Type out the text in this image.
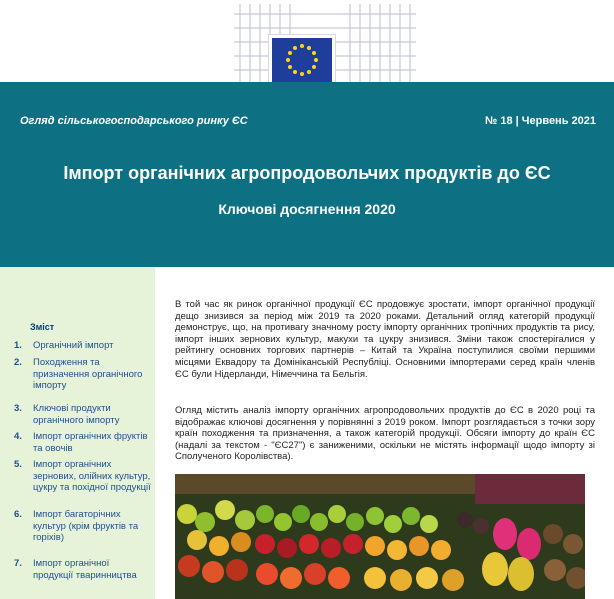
Огляд сільськогосподарського ринку ЄС	№ 18 | Червень 2021
Імпорт органічних агропродовольчих продуктів до ЄС
Ключові досягнення 2020
Зміст
1. Органічний імпорт
2. Походження та призначення органічного імпорту
3. Ключові продукти органічного імпорту
4. Імпорт органічних фруктів та овочів
5. Імпорт органічних зернових, олійних культур, цукру та похідної продукції
6. Імпорт багаторічних культур (крім фруктів та горіхів)
7. Імпорт органічної продукції тваринництва
В той час як ринок органічної продукції ЄС продовжує зростати, імпорт органічної продукції дещо знизився за період між 2019 та 2020 роками. Детальний огляд категорій продукції демонструє, що, на противагу значному росту імпорту органічних тропічних продуктів та рису, імпорт інших зернових культур, макухи та цукру знизився. Зміни також спостерігалися у рейтингу основних торгових партнерів – Китай та Україна поступилися своїми першими місцями Еквадору та Домініканській Республіці. Основними імпортерами серед країн членів ЄС були Нідерланди, Німеччина та Бельгія.
Огляд містить аналіз імпорту органічних агропродовольчих продуктів до ЄС в 2020 році та відображає ключові досягнення у порівнянні з 2019 роком. Імпорт розглядається з точки зору країн походження та призначення, а також категорій продукції. Обсяги імпорту до країн ЄС (надалі за текстом - "ЄС27") є заниженими, оскільки не містять інформації щодо імпорту зі Сполученого Королівства).
